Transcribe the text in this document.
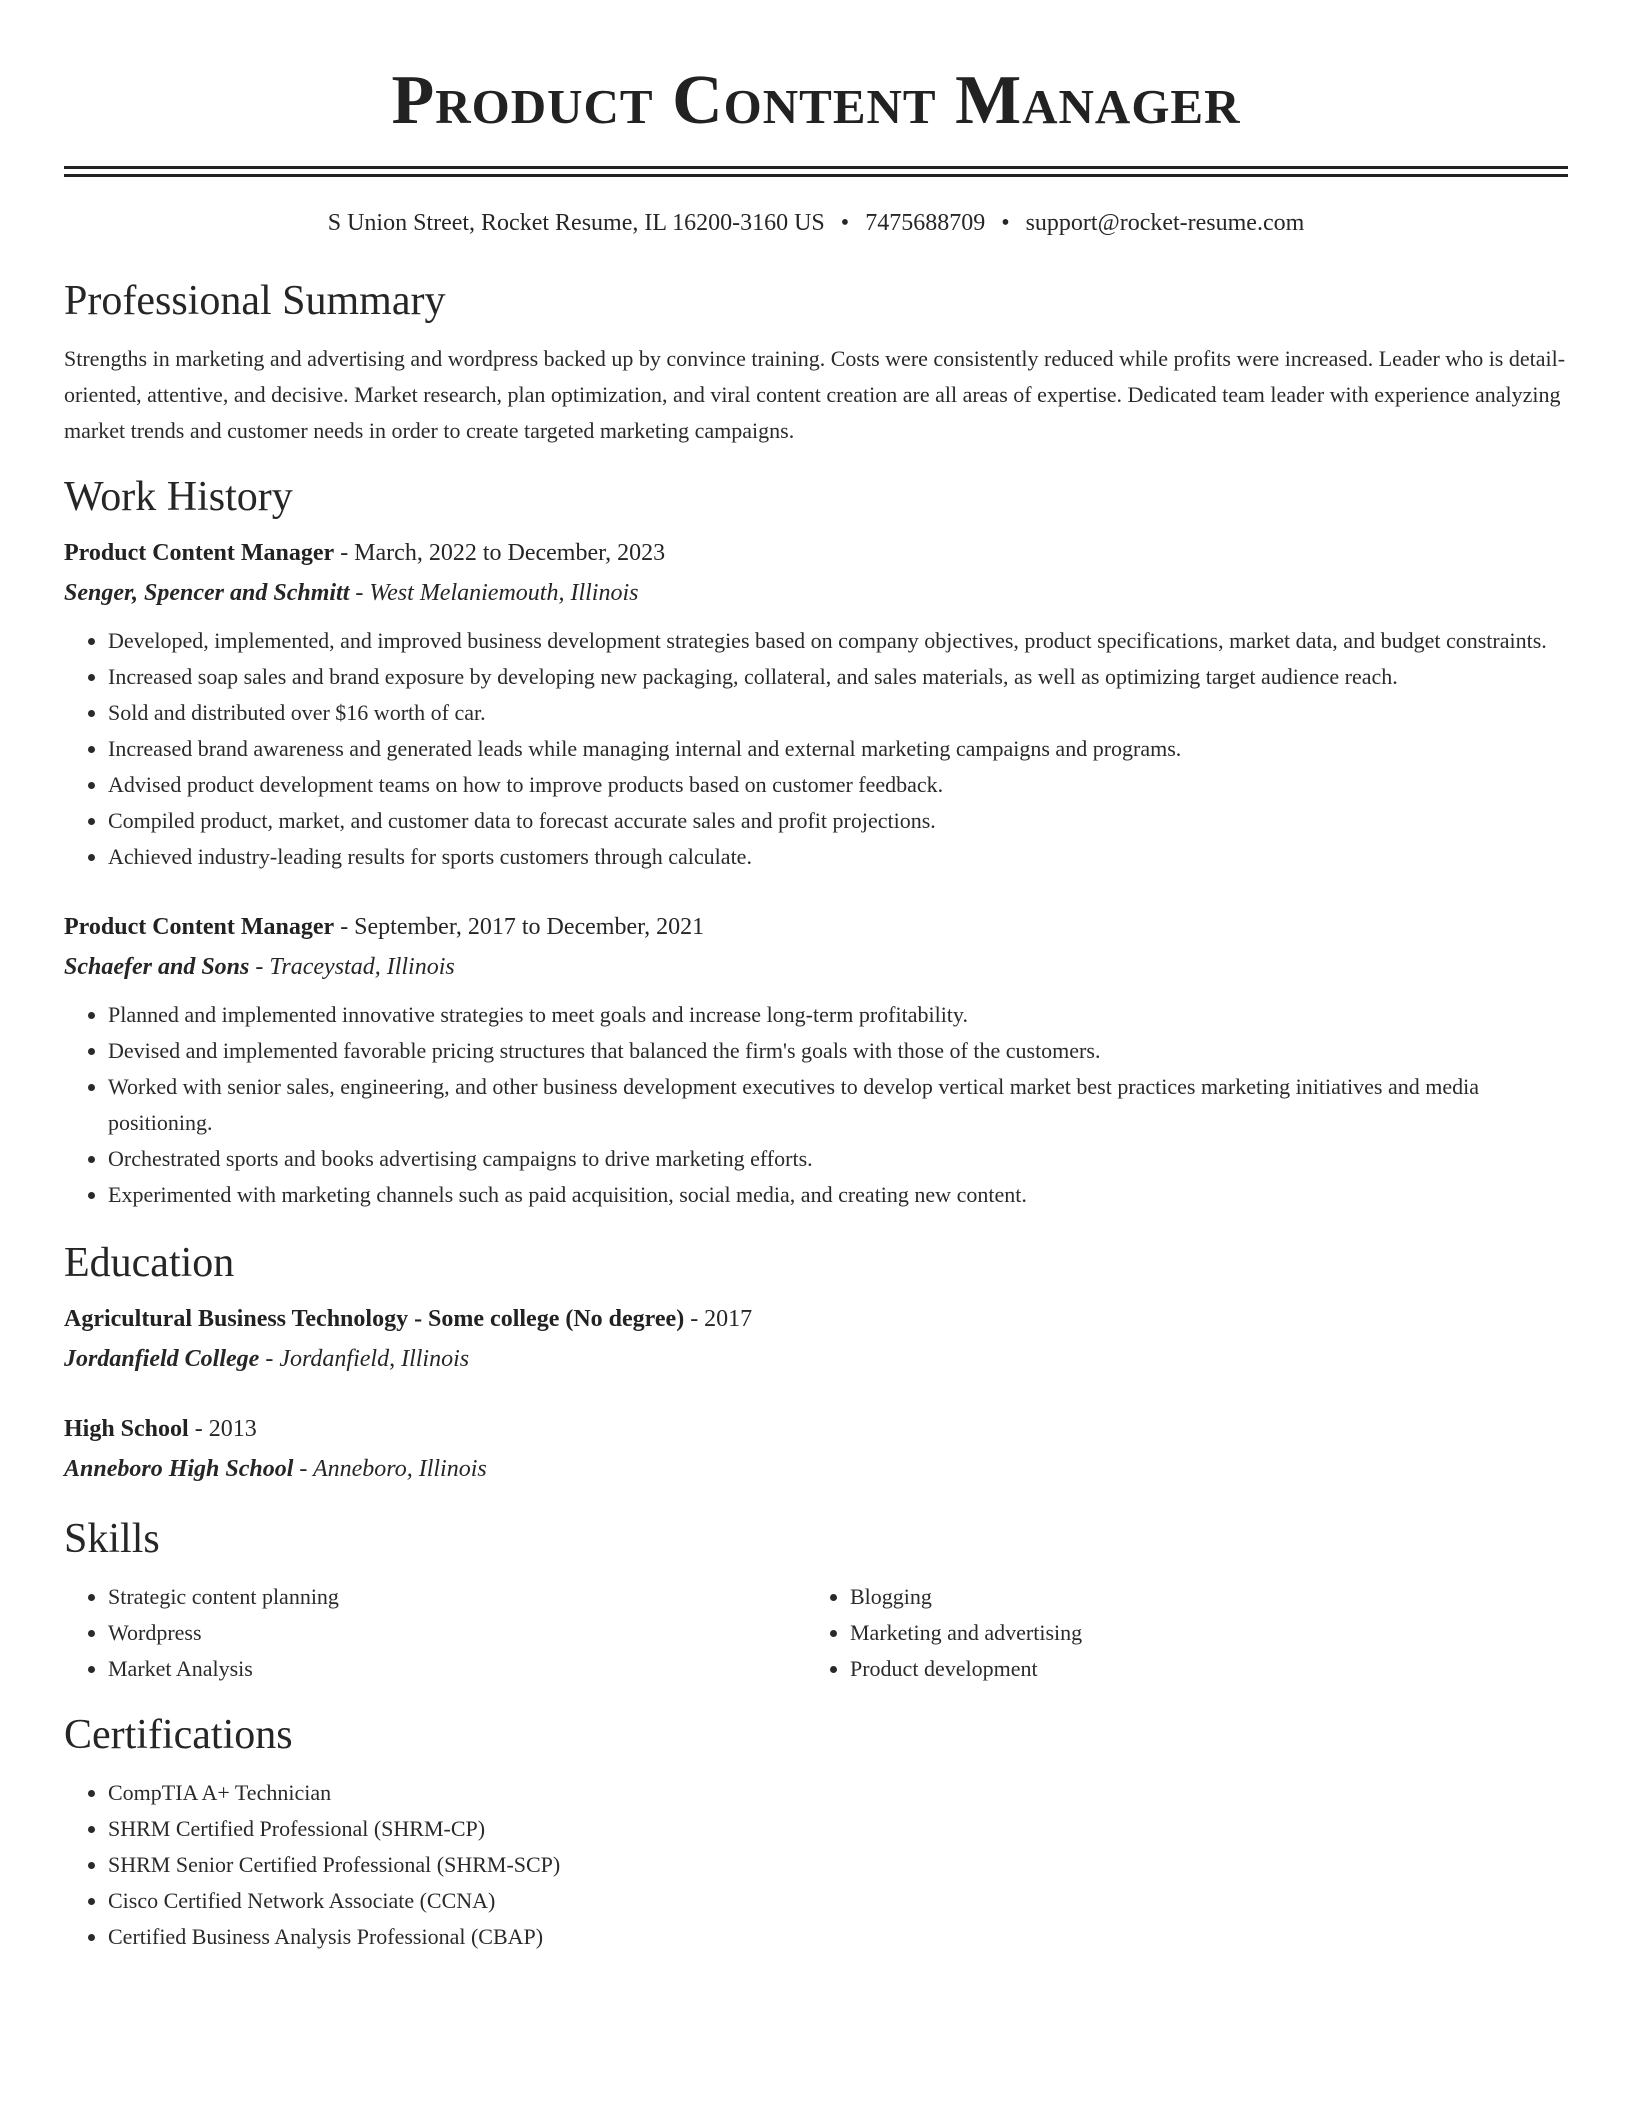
Product Content Manager
S Union Street, Rocket Resume, IL 16200-3160 US • 7475688709 • support@rocket-resume.com
Professional Summary

Strengths in marketing and advertising and wordpress backed up by convince training. Costs were consistently reduced while profits were increased. Leader who is detail-oriented, attentive, and decisive. Market research, plan optimization, and viral content creation are all areas of expertise. Dedicated team leader with experience analyzing market trends and customer needs in order to create targeted marketing campaigns.

Work History

Product Content Manager - March, 2022 to December, 2023

Senger, Spencer and Schmitt - West Melaniemouth, Illinois

• Developed, implemented, and improved business development strategies based on company objectives, product specifications, market data, and budget constraints.
• Increased soap sales and brand exposure by developing new packaging, collateral, and sales materials, as well as optimizing target audience reach.
• Sold and distributed over $16 worth of car.
• Increased brand awareness and generated leads while managing internal and external marketing campaigns and programs.
• Advised product development teams on how to improve products based on customer feedback.
• Compiled product, market, and customer data to forecast accurate sales and profit projections.
• Achieved industry-leading results for sports customers through calculate.

Product Content Manager - September, 2017 to December, 2021

Schaefer and Sons - Traceystad, Illinois

• Planned and implemented innovative strategies to meet goals and increase long-term profitability.
• Devised and implemented favorable pricing structures that balanced the firm's goals with those of the customers.
• Worked with senior sales, engineering, and other business development executives to develop vertical market best practices marketing initiatives and media positioning.
• Orchestrated sports and books advertising campaigns to drive marketing efforts.
• Experimented with marketing channels such as paid acquisition, social media, and creating new content.
Education

Agricultural Business Technology - Some college (No degree) - 2017

Jordanfield College - Jordanfield, Illinois

High School - 2013

Anneboro High School - Anneboro, Illinois

Skills
• Strategic content planning
• Wordpress
• Market Analysis
• Blogging
• Marketing and advertising
• Product development
Certifications
• CompTIA A+ Technician
• SHRM Certified Professional (SHRM-CP)
• SHRM Senior Certified Professional (SHRM-SCP)
• Cisco Certified Network Associate (CCNA)
• Certified Business Analysis Professional (CBAP)
